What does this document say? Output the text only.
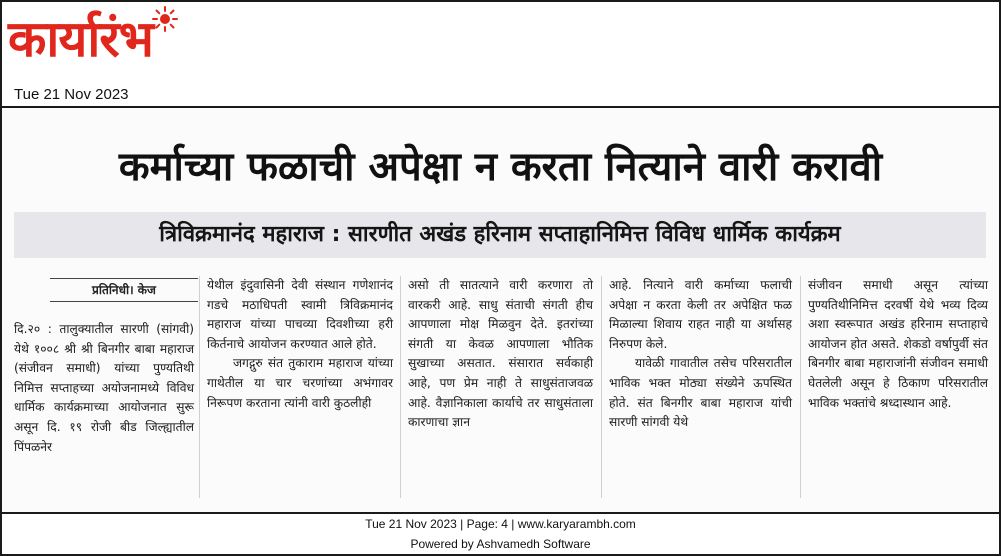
कार्यारंभ
Tue 21 Nov 2023
कर्माच्या फळाची अपेक्षा न करता नित्याने वारी करावी
त्रिविक्रमानंद महाराज : सारणीत अखंड हरिनाम सप्ताहानिमित्त विविध धार्मिक कार्यक्रम
प्रतिनिधी। केज

दि.२० : तालुक्यातील सारणी (सांगवी) येथे १००८ श्री श्री बिनगीर बाबा महाराज (संजीवन समाधी) यांच्या पुण्यतिथी निमित्त सप्ताहच्या अयोजनामध्ये विविध धार्मिक कार्यक्रमाच्या आयोजनात सुरू असून दि. १९ रोजी बीड जिल्ह्यातील पिंपळनेर

येथील इंदुवासिनी देवी संस्थान गणेशानंद गडचे मठाधिपती स्वामी त्रिविक्रमानंद महाराज यांच्या पाचव्या दिवशीच्या हरी किर्तनाचे आयोजन करण्यात आले होते.

जगद्गुरु संत तुकाराम महाराज यांच्या गाथेतील या चार चरणांच्या अभंगावर निरूपण करताना त्यांनी वारी कुठलीही

असो ती सातत्याने वारी करणारा तो वारकरी आहे. साधु संताची संगती हीच आपणाला मोक्ष मिळवुन देते. इतरांच्या संगती या केवळ आपणाला भौतिक सुखाच्या असतात. संसारात सर्वकाही आहे, पण प्रेम नाही ते साधुसंताजवळ आहे. वैज्ञानिकाला कार्याचे तर साधुसंताला कारणाचा ज्ञान

आहे. नित्याने वारी कर्माच्या फलाची अपेक्षा न करता केली तर अपेक्षित फळ मिळाल्या शिवाय राहत नाही या अर्थासह निरुपण केले.

यावेळी गावातील तसेच परिसरातील भाविक भक्त मोठ्या संख्येने ऊपस्थित होते. संत बिनगीर बाबा महाराज यांची सारणी सांगवी येथे

संजीवन समाधी असून त्यांच्या पुण्यतिथीनिमित्त दरवर्षी येथे भव्य दिव्य अशा स्वरूपात अखंड हरिनाम सप्ताहाचे आयोजन होत असते. शेकडो वर्षापुर्वी संत बिनगीर बाबा महाराजांनी संजीवन समाधी घेतलेली असून हे ठिकाण परिसरातील भाविक भक्तांचे श्रध्दास्थान आहे.

Tue 21 Nov 2023 | Page: 4 | www.karyarambh.com
Powered by Ashvamedh Software
